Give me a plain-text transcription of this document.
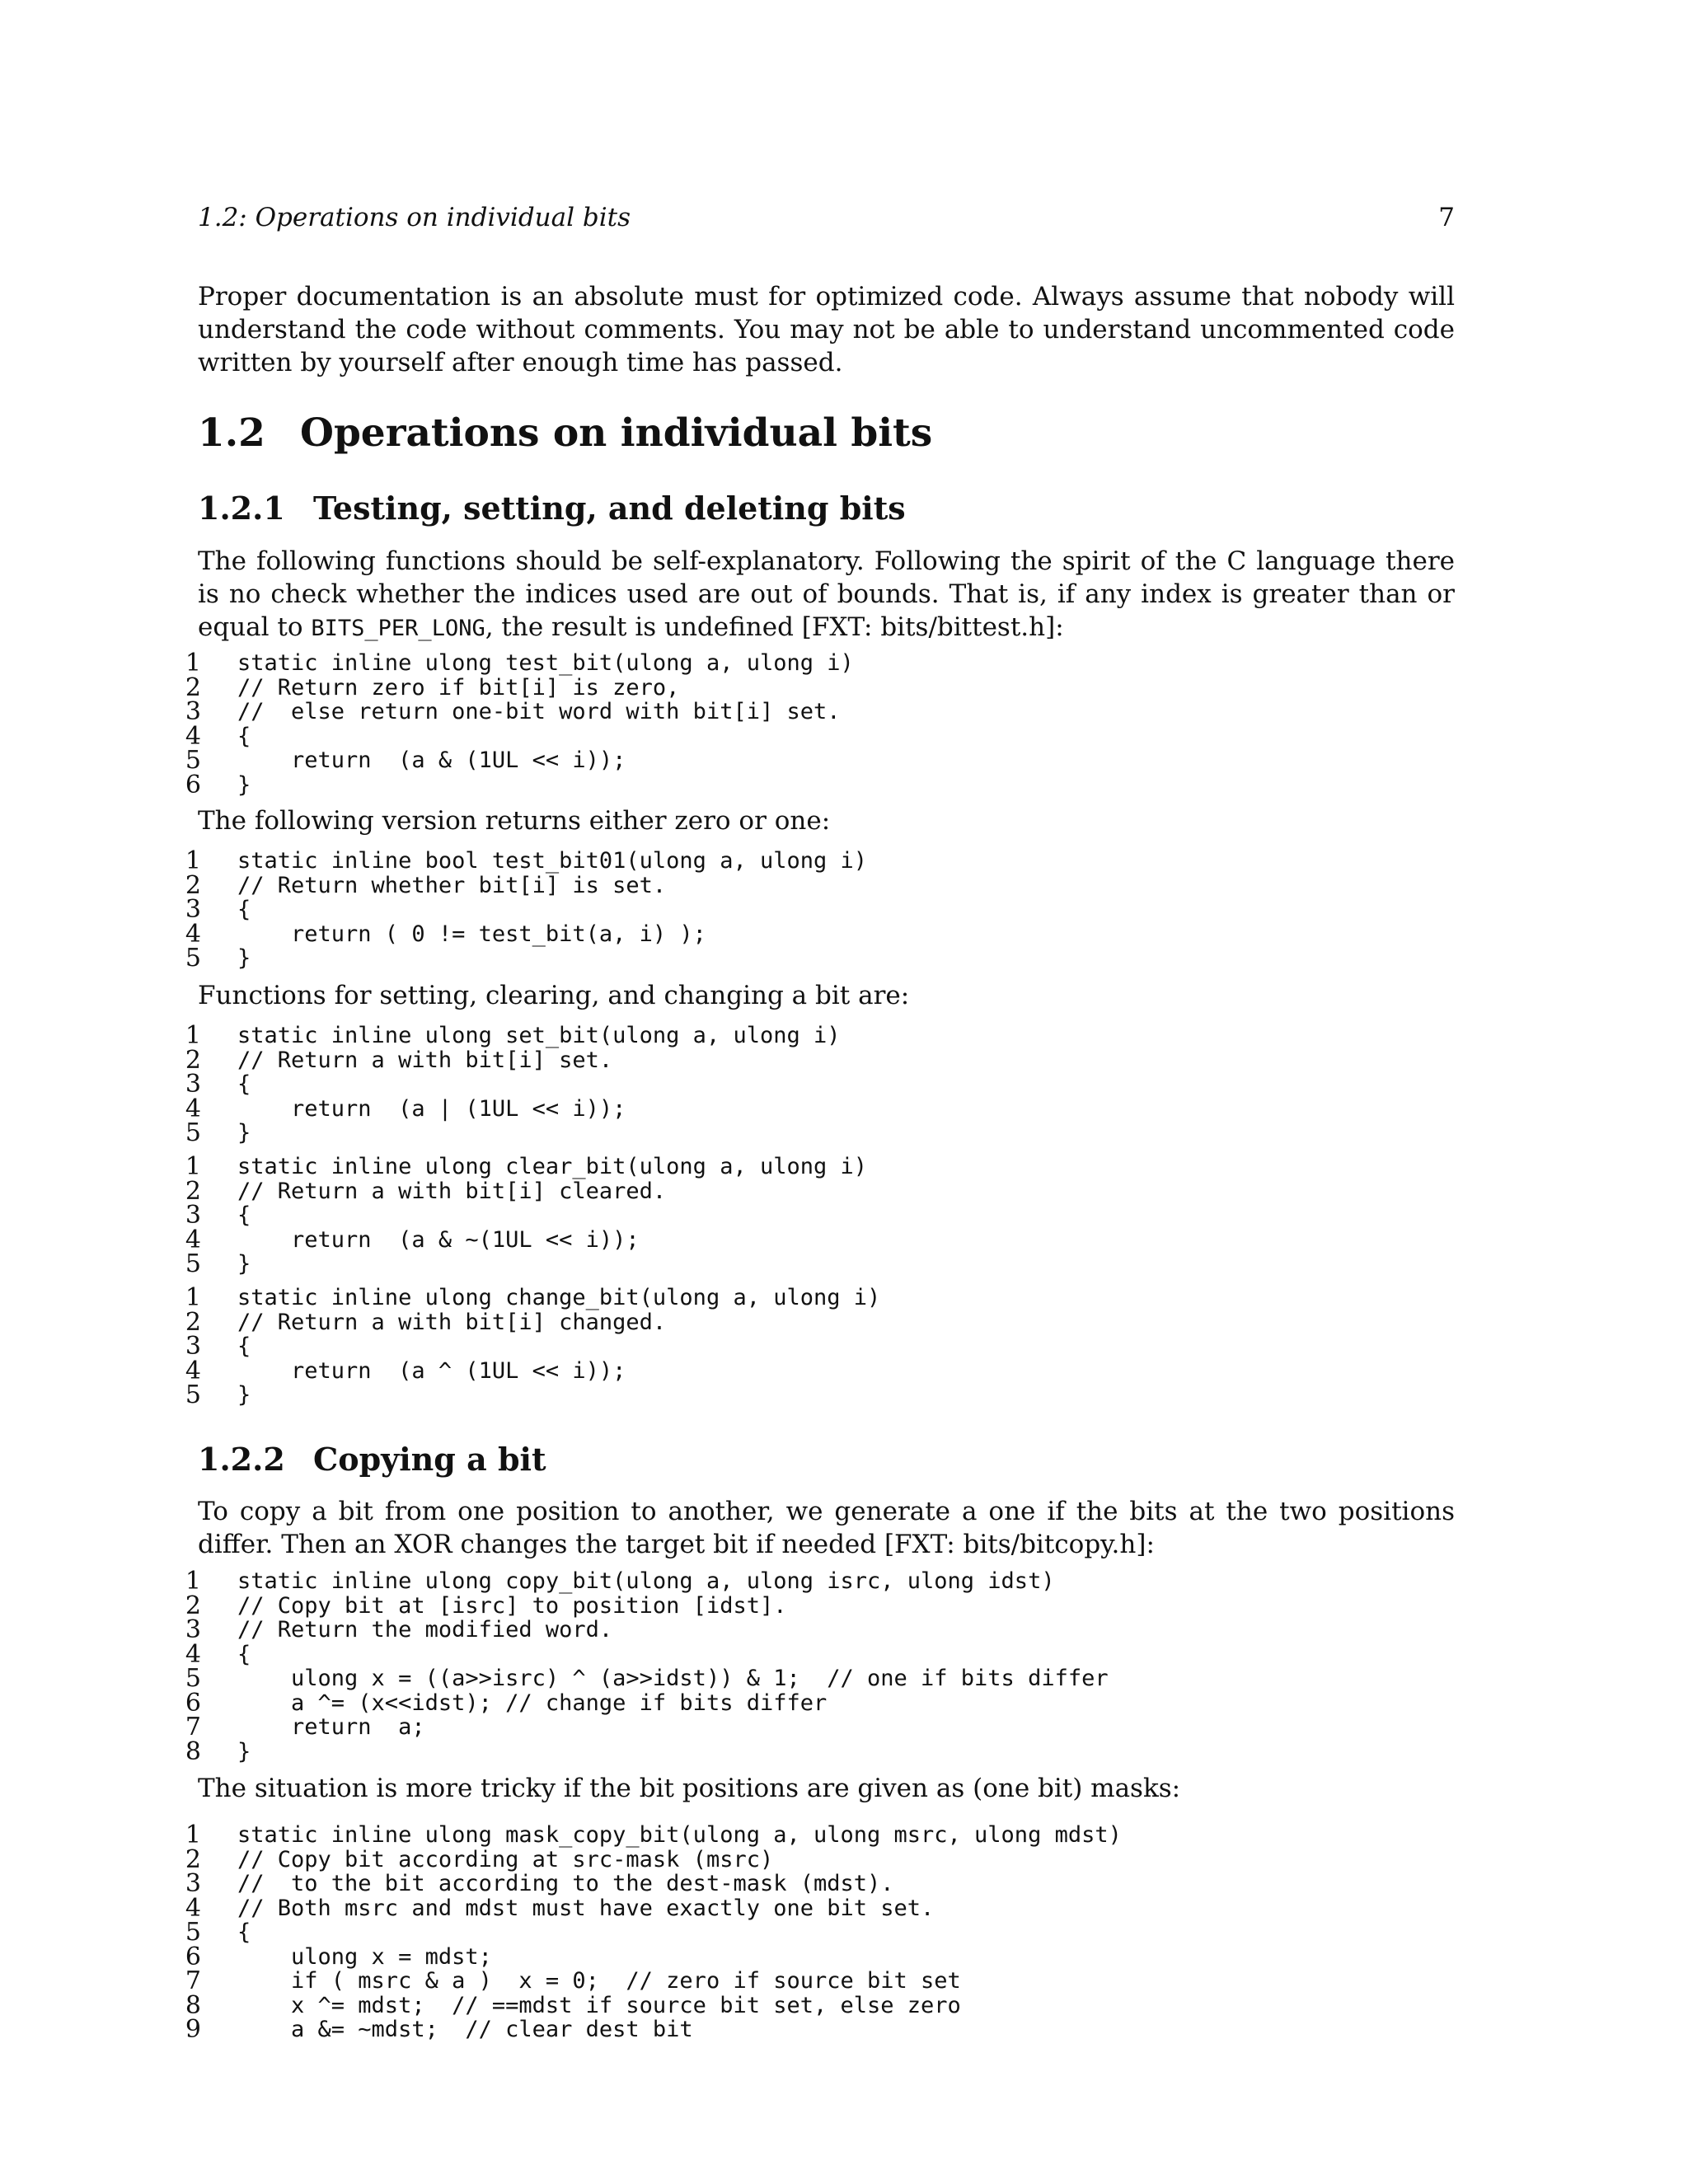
1.2: Operations on individual bits	7

Proper documentation is an absolute must for optimized code. Always assume that nobody will understand the code without comments. You may not be able to understand uncommented code written by yourself after enough time has passed.

1.2 Operations on individual bits
1.2.1 Testing, setting, and deleting bits

The following functions should be self-explanatory. Following the spirit of the C language there is no check whether the indices used are out of bounds. That is, if any index is greater than or equal to BITS_PER_LONG, the result is undefined [FXT: bits/bittest.h]:

1 static inline ulong test_bit(ulong a, ulong i)
2 // Return zero if bit[i] is zero,
3 //  else return one-bit word with bit[i] set.
4 {
5 return  (a & (1UL << i));
6 }

The following version returns either zero or one:

1 static inline bool test_bit01(ulong a, ulong i)
2 // Return whether bit[i] is set.
3 {
4 return ( 0 != test_bit(a, i) );
5 }

Functions for setting, clearing, and changing a bit are:

1 static inline ulong set_bit(ulong a, ulong i)
2 // Return a with bit[i] set.
3 {
4 return  (a | (1UL << i));
5 }
1 static inline ulong clear_bit(ulong a, ulong i)
2 // Return a with bit[i] cleared.
3 {
4 return  (a & ~(1UL << i));
5 }
1 static inline ulong change_bit(ulong a, ulong i)
2 // Return a with bit[i] changed.
3 {
4 return  (a ^ (1UL << i));
5 }
1.2.2 Copying a bit

To copy a bit from one position to another, we generate a one if the bits at the two positions differ. Then an XOR changes the target bit if needed [FXT: bits/bitcopy.h]:

1 static inline ulong copy_bit(ulong a, ulong isrc, ulong idst)
2 // Copy bit at [isrc] to position [idst].
3 // Return the modified word.
4 {
5 ulong x = ((a>>isrc) ^ (a>>idst)) & 1;  // one if bits differ
6 a ^= (x<<idst); // change if bits differ
7 return  a;
8 }

The situation is more tricky if the bit positions are given as (one bit) masks:

1 static inline ulong mask_copy_bit(ulong a, ulong msrc, ulong mdst)
2 // Copy bit according at src-mask (msrc)
3 //  to the bit according to the dest-mask (mdst).
4 // Both msrc and mdst must have exactly one bit set.
5 {
6 ulong x = mdst;
7 if ( msrc & a )  x = 0;  // zero if source bit set
8 x ^= mdst;  // ==mdst if source bit set, else zero
9 a &= ~mdst;  // clear dest bit
